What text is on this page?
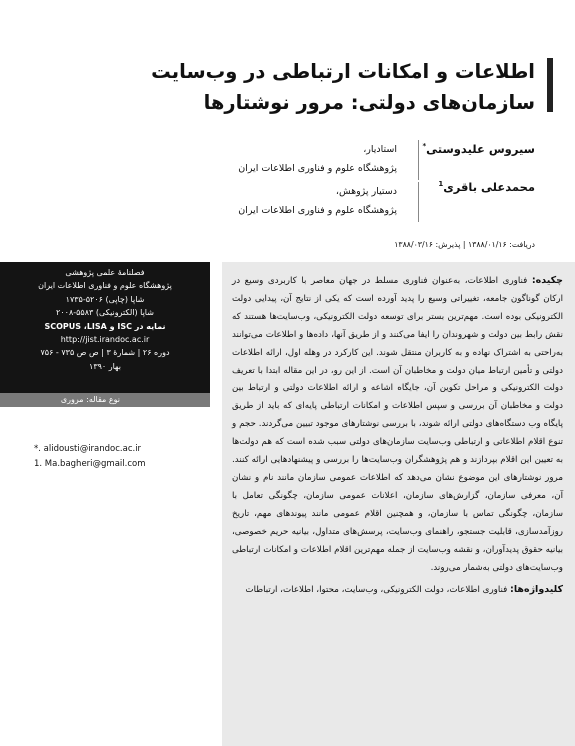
اطلاعات و امکانات ارتباطی در وب‌سایت
سازمان‌های دولتی: مرور نوشتارها
سیروس علیدوستی*
استادیار،
پژوهشگاه علوم و فناوری اطلاعات ایران
محمدعلی باقری$^1$
دستیار پژوهش،
پژوهشگاه علوم و فناوری اطلاعات ایران
دریافت: ۱۳۸۸/۰۱/۱۶ | پذیرش: ۱۳۸۸/۰۳/۱۶
فصلنامهٔ علمی پژوهشی
پژوهشگاه علوم و فناوری اطلاعات ایران
شاپا (چاپی) ۵۲۰۶-۱۷۳۵
شاپا (الکترونیکی) ۵۵۸۳-۲۰۰۸
نمایه در ISC و SCOPUS ،LISA
http://jist.irandoc.ac.ir
دوره ۲۶ | شمارهٔ ۳ | ص ص ۷۳۵ - ۷۵۶
بهار ۱۳۹۰
نوع مقاله: مروری
*. alidousti@irandoc.ac.ir
1. Ma.bagheri@gmail.com

چکیده: فناوری اطلاعات، به‌عنوان فناوری مسلط در جهان معاصر با کاربردی وسیع در ارکان گوناگون جامعه، تغییراتی وسیع را پدید آورده است که یکی از نتایج آن، پیدایی دولت الکترونیکی بوده است. مهم‌ترین بستر برای توسعه دولت الکترونیکی، وب‌سایت‌ها هستند که نقش رابط بین دولت و شهروندان را ایفا می‌کنند و از طریق آنها، داده‌ها و اطلاعات می‌توانند به‌راحتی به اشتراک نهاده و به کاربران منتقل شوند. این کارکرد در وهله اول، ارائه اطلاعات دولتی و تأمین ارتباط میان دولت و مخاطبان آن است. از این رو، در این مقاله ابتدا با تعریف دولت الکترونیکی و مراحل تکوین آن، جایگاه اشاعه و ارائه اطلاعات دولتی و ارتباط بین دولت و مخاطبان آن بررسی و سپس اطلاعات و امکانات ارتباطی پایه‌ای که باید از طریق پایگاه وب دستگاه‌های دولتی ارائه شوند، با بررسی نوشتارهای موجود تبیین می‌گردند. حجم و تنوع اقلام اطلاعاتی و ارتباطی وب‌سایت سازمان‌های دولتی سبب شده است که هم دولت‌ها به تعیین این اقلام بپردازند و هم پژوهشگران وب‌سایت‌ها را بررسی و پیشنهادهایی ارائه کنند. مرور نوشتارهای این موضوع نشان می‌دهد که اطلاعات عمومی سازمان مانند نام و نشان آن، معرفی سازمان، گزارش‌های سازمان، اعلانات عمومی سازمان، چگونگی تعامل با سازمان، چگونگی تماس با سازمان، و همچنین اقلام عمومی مانند پیوندهای مهم، تاریخ روزآمدسازی، قابلیت جستجو، راهنمای وب‌سایت، پرسش‌های متداول، بیانیه حریم خصوصی، بیانیه حقوق پدیدآوران، و نقشه وب‌سایت از جمله مهم‌ترین اقلام اطلاعات و امکانات ارتباطی وب‌سایت‌های دولتی به‌شمار می‌روند.

کلیدواژه‌ها: فناوری اطلاعات، دولت الکترونیکی، وب‌سایت، محتوا، اطلاعات، ارتباطات
